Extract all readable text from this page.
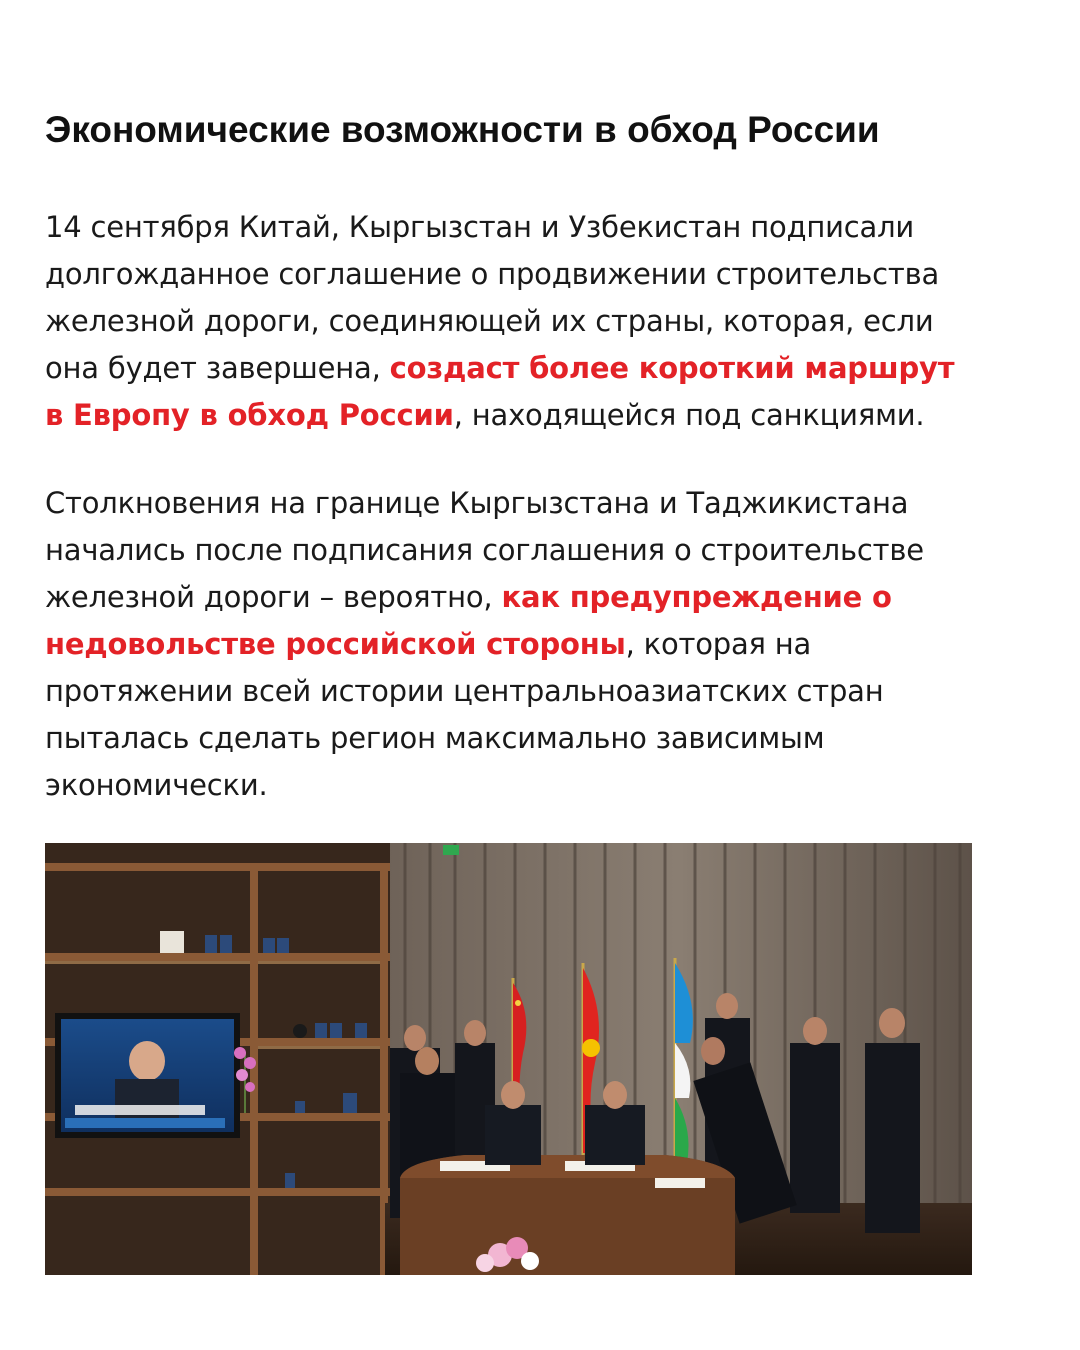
Экономические возможности в обход России
14 сентября Китай, Кыргызстан и Узбекистан подписали
долгожданное соглашение о продвижении строительства
железной дороги, соединяющей их страны, которая, если
она будет завершена, создаст более короткий маршрут
в Европу в обход России, находящейся под санкциями.
Столкновения на границе Кыргызстана и Таджикистана
начались после подписания соглашения о строительстве
железной дороги – вероятно, как предупреждение о
недовольстве российской стороны, которая на
протяжении всей истории центральноазиатских стран
пыталась сделать регион максимально зависимым
экономически.
